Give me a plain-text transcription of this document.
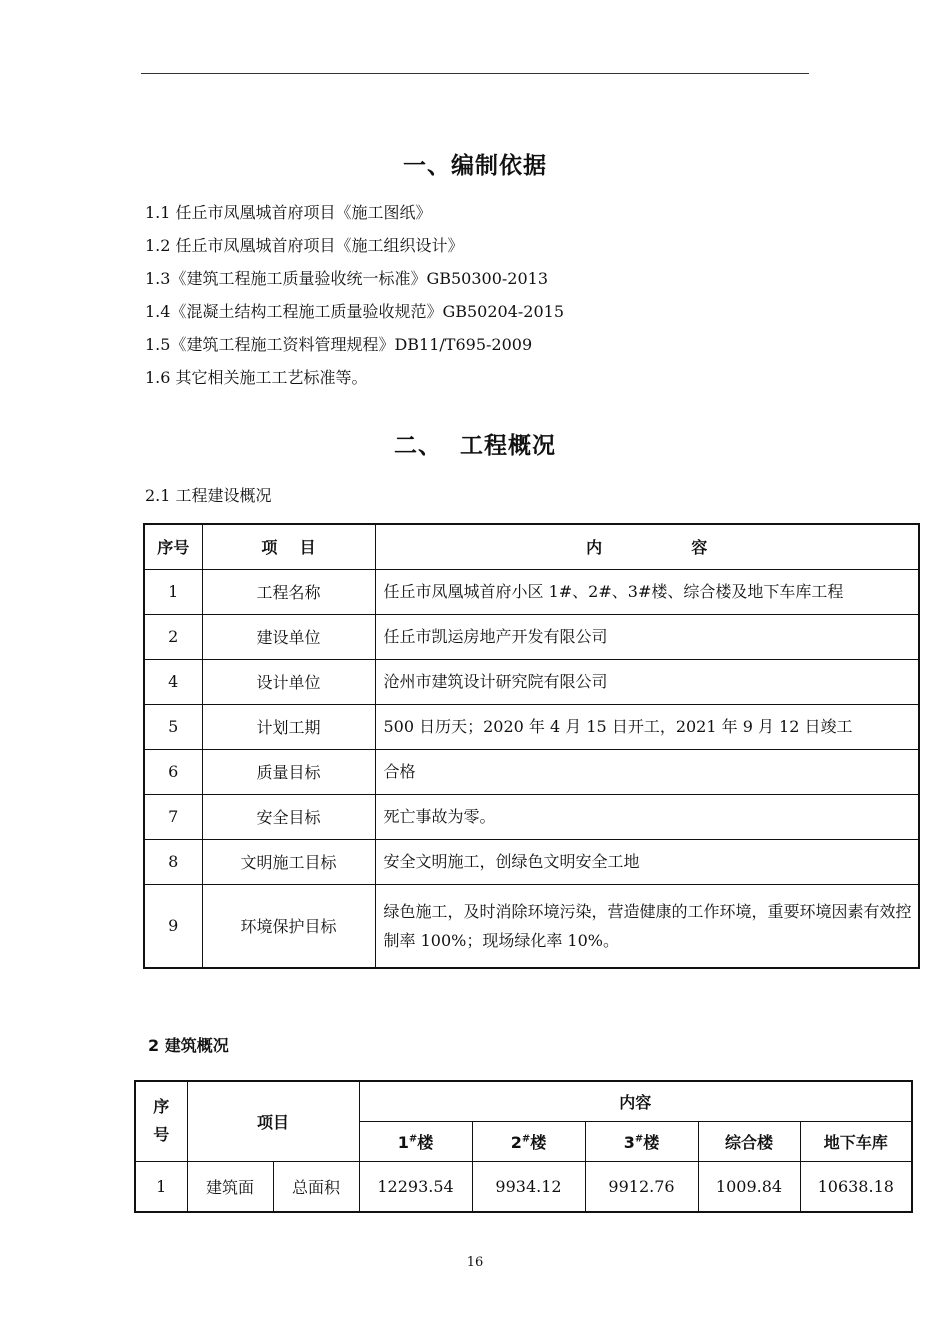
一、编制依据
1.1 任丘市凤凰城首府项目《施工图纸》
1.2 任丘市凤凰城首府项目《施工组织设计》
1.3《建筑工程施工质量验收统一标准》GB50300-2013
1.4《混凝土结构工程施工质量验收规范》GB50204-2015
1.5《建筑工程施工资料管理规程》DB11/T695-2009
1.6 其它相关施工工艺标准等。
二、  工程概况
2.1 工程建设概况
序号	项    目	内                容
1	工程名称	任丘市凤凰城首府小区 1#、2#、3#楼、综合楼及地下车库工程
2	建设单位	任丘市凯运房地产开发有限公司
4	设计单位	沧州市建筑设计研究院有限公司
5	计划工期	500 日历天；2020 年 4 月 15 日开工，2021 年 9 月 12 日竣工
6	质量目标	合格
7	安全目标	死亡事故为零。
8	文明施工目标	安全文明施工，创绿色文明安全工地
9	环境保护目标	绿色施工，及时消除环境污染，营造健康的工作环境，重要环境因素有效控制率 100%；现场绿化率 10%。
2 建筑概况
序号	项目		内容				
			1#楼	2#楼	3#楼	综合楼	地下车库
1	建筑面	总面积	12293.54	9934.12	9912.76	1009.84	10638.18
16
